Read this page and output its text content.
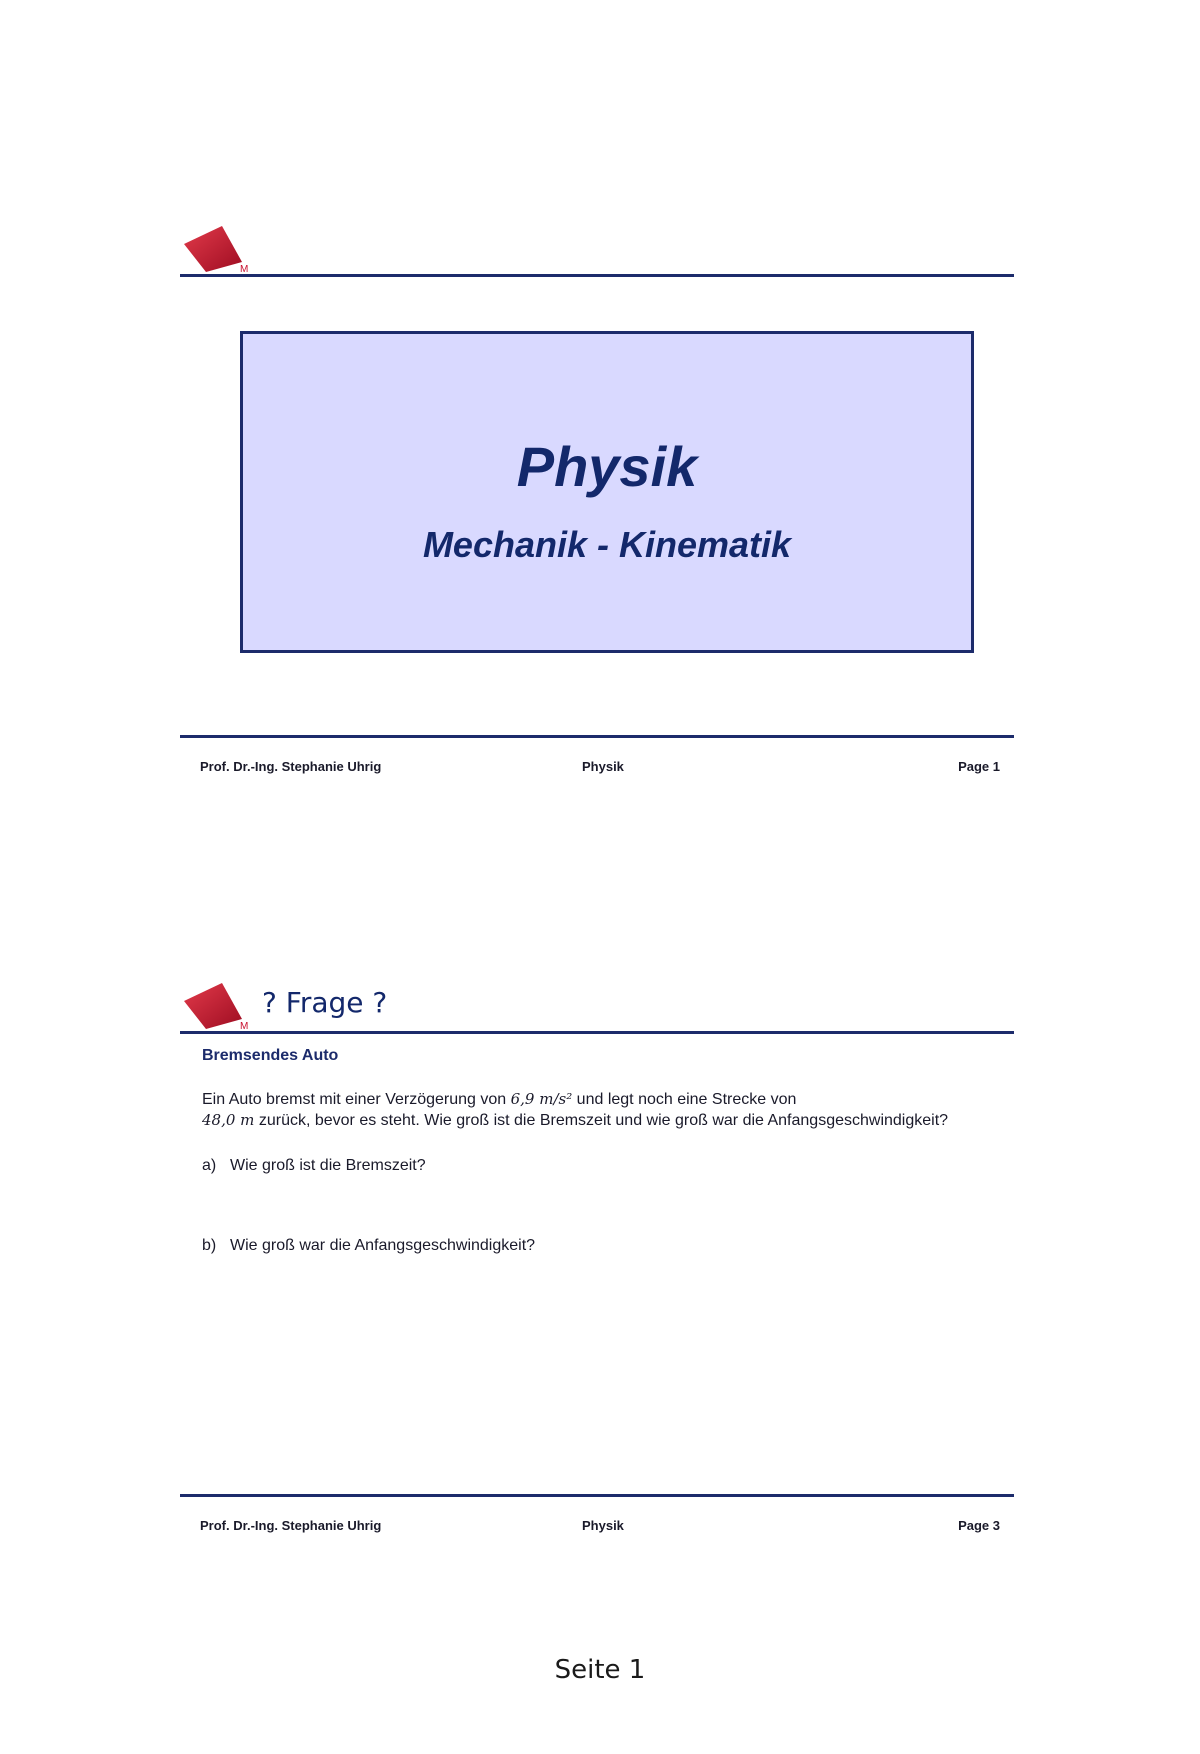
M
Physik
Mechanik - Kinematik
Prof. Dr.-Ing. Stephanie Uhrig	Physik	Page 1
M
? Frage ?

Bremsendes Auto

Ein Auto bremst mit einer Verzögerung von 6,9 m/s² und legt noch eine Strecke von
48,0 m zurück, bevor es steht. Wie groß ist die Bremszeit und wie groß war die Anfangsgeschwindigkeit?

a) Wie groß ist die Bremszeit?

b) Wie groß war die Anfangsgeschwindigkeit?

Prof. Dr.-Ing. Stephanie Uhrig	Physik	Page 3
Seite 1
